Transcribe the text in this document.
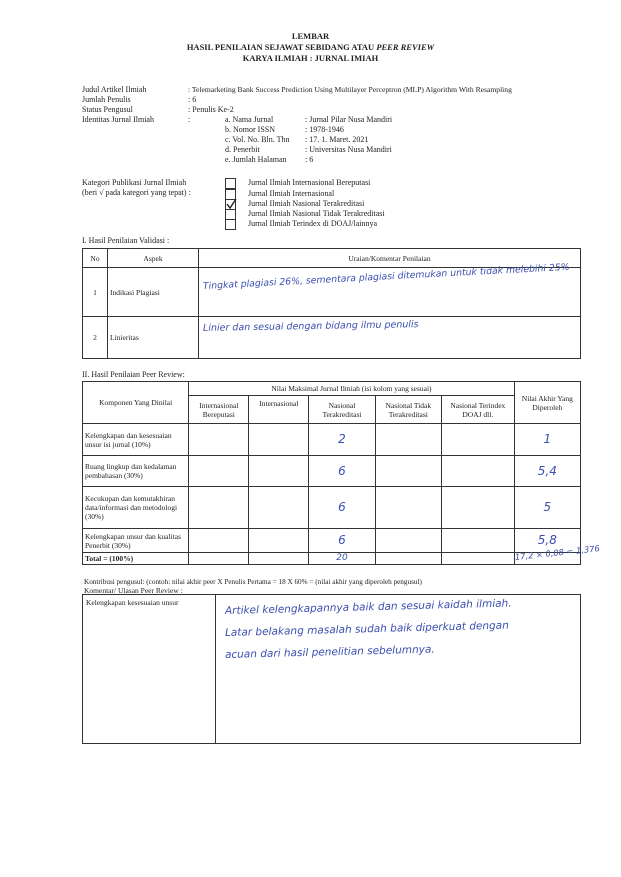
LEMBAR
HASIL PENILAIAN SEJAWAT SEBIDANG ATAU PEER REVIEW
KARYA ILMIAH : JURNAL IMIAH
Judul Artikel Ilmiah	: Telemarketing Bank Success Prediction Using Multilayer Perceptron (MLP) Algorithm With Resampling
Jumlah Penulis	: 6
Status Pengusul	: Penulis Ke-2
Identitas Jurnal Ilmiah	:	a. Nama Jurnal	: Jurnal Pilar Nusa Mandiri
b. Nomor ISSN	: 1978-1946
c. Vol. No. Bln. Thn : 17. 1. Maret. 2021
d. Penerbit	: Universitas Nusa Mandiri
e. Jumlah Halaman : 6
Kategori Publikasi Jurnal Ilmiah
(beri √ pada kategori yang tepat) :
Jurnal Ilmiah Internasional Bereputasi
Jurnal Ilmiah Internasional
Jurnal Ilmiah Nasional Terakreditasi
Jurnal Ilmiah Nasional Tidak Terakreditasi
Jurnal Ilmiah Terindex di DOAJ/lainnya
I. Hasil Penilaian Validasi :
No	Aspek	Uraian/Komentar Penilaian
1	Indikasi Plagiasi	Tingkat plagiasi 26%, sementara plagiasi ditemukan untuk tidak melebihi 25%

2	Linieritas	Linier dan sesuai dengan bidang ilmu penulis
II. Hasil Penilaian Peer Review:
Komponen Yang Dinilai	Nilai Maksimal Jurnal Ilmiah (isi kolom yang sesuai)					Nilai Akhir Yang Diperoleh
	Internasional Bereputasi	Internasional	Nasional Terakreditasi	Nasional Tidak Terakreditasi	Nasional Terindex DOAJ dll.	
Kelengkapan dan kesesuaian unsur isi jurnal (10%)			2			1
Ruang lingkup dan kedalaman pembahasan (30%)			6			5,4
Kecukupan dan kemutakhiran data/informasi dan metodologi (30%)			6			5
Kelengkapan unsur dan kualitas Penerbit (30%)			6			5,8
Total = (100%)			20			17,2 × 0,08 = 1,376
Kontribusi pengusul: (contoh: nilai akhir peer X Penulis Pertama = 18 X 60% = (nilai akhir yang diperoleh pengusul)
Komentar/ Ulasan Peer Review :
Kelengkapan kesesuaian unsur	Artikel kelengkapannya baik dan sesuai kaidah ilmiah.
Latar belakang masalah sudah baik diperkuat dengan
acuan dari hasil penelitian sebelumnya.
